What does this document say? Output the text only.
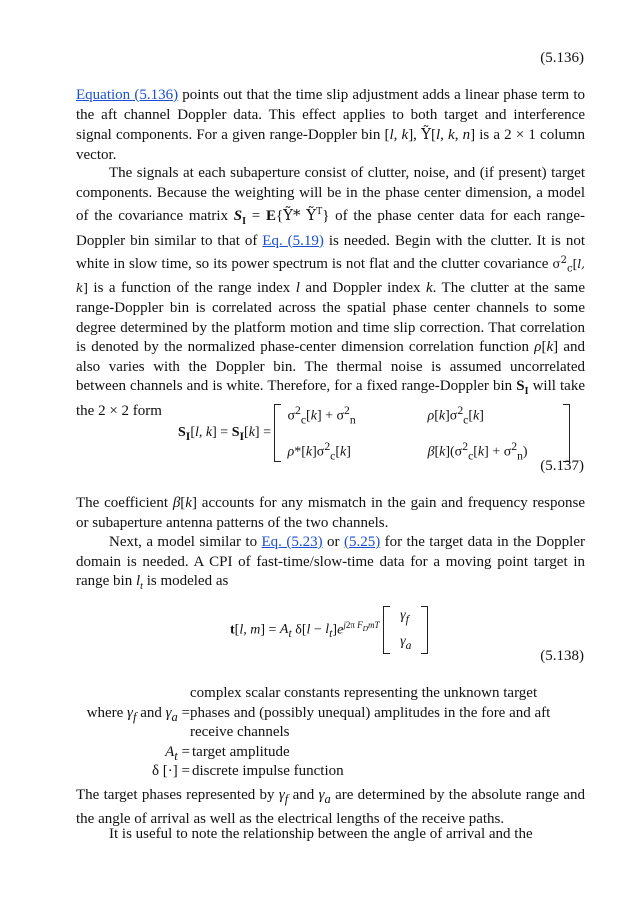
(5.136)

Equation (5.136) points out that the time slip adjustment adds a linear phase term to the aft channel Doppler data. This effect applies to both target and interference signal components. For a given range-Doppler bin [l, k], Ỹ[l, k, n] is a 2 × 1 column vector.

The signals at each subaperture consist of clutter, noise, and (if present) target components. Because the weighting will be in the phase center dimension, a model of the covariance matrix $S_I$ = E{Ỹ* Ỹ$^T$} of the phase center data for each range-Doppler bin similar to that of Eq. (5.19) is needed. Begin with the clutter. It is not white in slow time, so its power spectrum is not flat and the clutter covariance $\sigma^2_c[l$, k] is a function of the range index l and Doppler index k. The clutter at the same range-Doppler bin is correlated across the spatial phase center channels to some degree determined by the platform motion and time slip correction. That correlation is denoted by the normalized phase-center dimension correlation function ρ[k] and also varies with the Doppler bin. The thermal noise is assumed uncorrelated between channels and is white. Therefore, for a fixed range-Doppler bin $S_I$ will take the 2 × 2 form

$S_I[l$, $k] = S_I[k]$ =
$\sigma^2_c[k] + \sigma^2_n$	$\rho[k]\sigma^2_c[k]$
$\rho*[k]\sigma^2_c[k]$	$\beta[k](\sigma^2_c[k] + \sigma^2_n)$
(5.137)

The coefficient β[k] accounts for any mismatch in the gain and frequency response or subaperture antenna patterns of the two channels.

Next, a model similar to Eq. (5.23) or (5.25) for the target data in the Doppler domain is needed. A CPI of fast-time/slow-time data for a moving point target in range bin $l_t$ is modeled as

t[l, $m] = A_t$ $\delta[l - l_t]e^{j2\pi F_DmT}$
$\gamma_f$
$\gamma_a$
(5.138)
complex scalar constants representing the unknown target phases and (possibly unequal) amplitudes in the fore and aft receive channels
where $\gamma_f$ and $\gamma_a$ =
$A_t$ = target amplitude
δ [·] = discrete impulse function

The target phases represented by $\gamma_f$ and $\gamma_a$ are determined by the absolute range and the angle of arrival as well as the electrical lengths of the receive paths.

It is useful to note the relationship between the angle of arrival and the
